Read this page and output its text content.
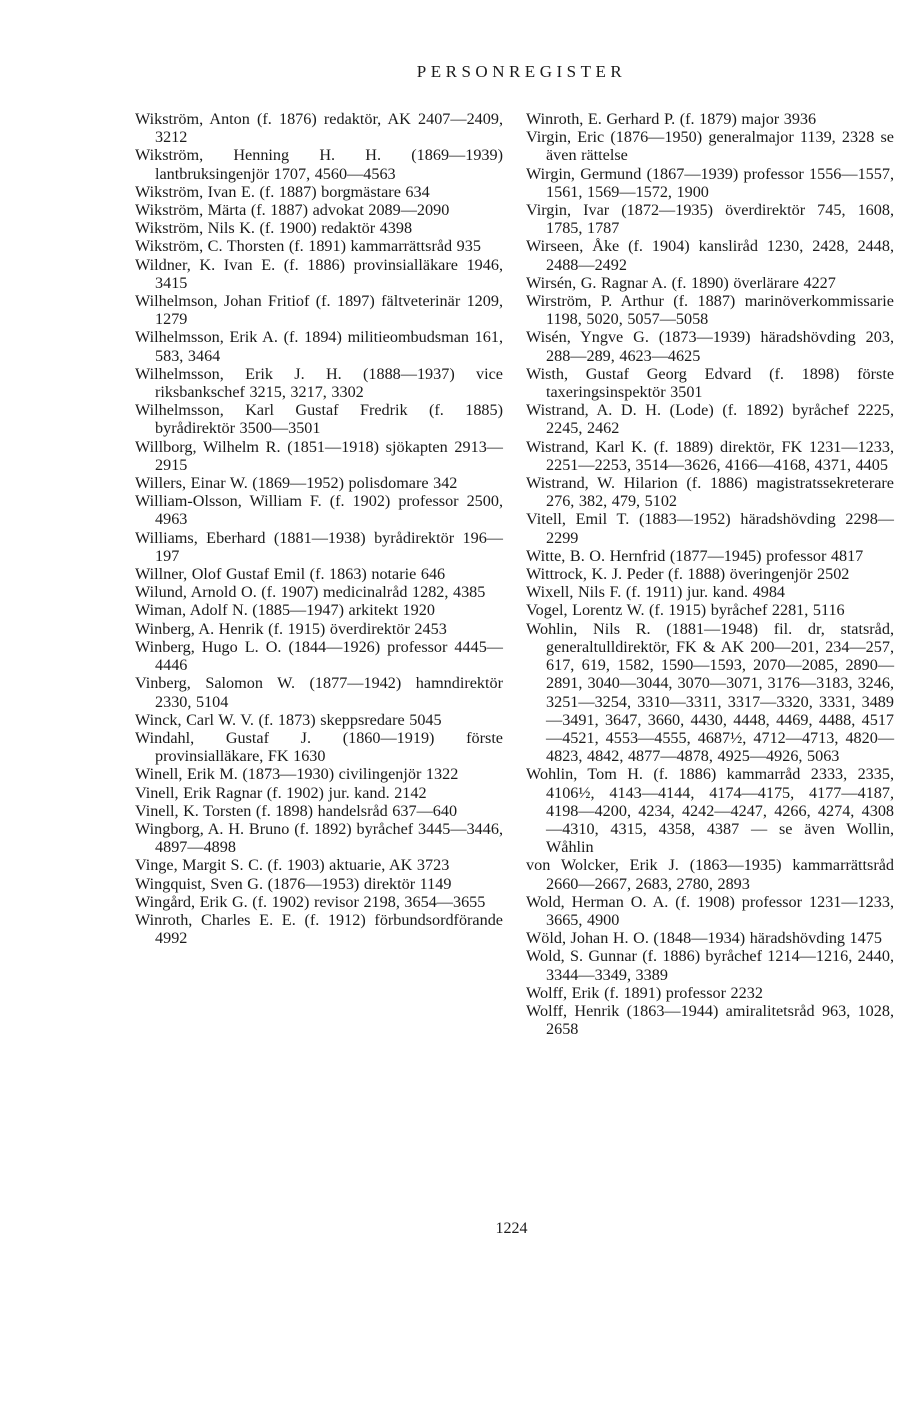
PERSONREGISTER

Wikström, Anton (f. 1876) redaktör, AK 2407—2409, 3212

Wikström, Henning H. H. (1869—1939) lantbruksingenjör 1707, 4560—4563

Wikström, Ivan E. (f. 1887) borgmästare 634

Wikström, Märta (f. 1887) advokat 2089—2090

Wikström, Nils K. (f. 1900) redaktör 4398

Wikström, C. Thorsten (f. 1891) kammarrättsråd 935

Wildner, K. Ivan E. (f. 1886) provinsialläkare 1946, 3415

Wilhelmson, Johan Fritiof (f. 1897) fältveterinär 1209, 1279

Wilhelmsson, Erik A. (f. 1894) militieombudsman 161, 583, 3464

Wilhelmsson, Erik J. H. (1888—1937) vice riksbankschef 3215, 3217, 3302

Wilhelmsson, Karl Gustaf Fredrik (f. 1885) byrådirektör 3500—3501

Willborg, Wilhelm R. (1851—1918) sjökapten 2913—2915

Willers, Einar W. (1869—1952) polisdomare 342

William-Olsson, William F. (f. 1902) professor 2500, 4963

Williams, Eberhard (1881—1938) byrådirektör 196—197

Willner, Olof Gustaf Emil (f. 1863) notarie 646

Wilund, Arnold O. (f. 1907) medicinalråd 1282, 4385

Wiman, Adolf N. (1885—1947) arkitekt 1920

Winberg, A. Henrik (f. 1915) överdirektör 2453

Winberg, Hugo L. O. (1844—1926) professor 4445—4446

Vinberg, Salomon W. (1877—1942) hamndirektör 2330, 5104

Winck, Carl W. V. (f. 1873) skeppsredare 5045

Windahl, Gustaf J. (1860—1919) förste provinsialläkare, FK 1630

Winell, Erik M. (1873—1930) civilingenjör 1322

Vinell, Erik Ragnar (f. 1902) jur. kand. 2142

Vinell, K. Torsten (f. 1898) handelsråd 637—640

Wingborg, A. H. Bruno (f. 1892) byråchef 3445—3446, 4897—4898

Vinge, Margit S. C. (f. 1903) aktuarie, AK 3723

Wingquist, Sven G. (1876—1953) direktör 1149

Wingård, Erik G. (f. 1902) revisor 2198, 3654—3655

Winroth, Charles E. E. (f. 1912) förbundsordförande 4992

Winroth, E. Gerhard P. (f. 1879) major 3936

Virgin, Eric (1876—1950) generalmajor 1139, 2328 se även rättelse

Wirgin, Germund (1867—1939) professor 1556—1557, 1561, 1569—1572, 1900

Virgin, Ivar (1872—1935) överdirektör 745, 1608, 1785, 1787

Wirseen, Åke (f. 1904) kansliråd 1230, 2428, 2448, 2488—2492

Wirsén, G. Ragnar A. (f. 1890) överlärare 4227

Wirström, P. Arthur (f. 1887) marinöverkommissarie 1198, 5020, 5057—5058

Wisén, Yngve G. (1873—1939) häradshövding 203, 288—289, 4623—4625

Wisth, Gustaf Georg Edvard (f. 1898) förste taxeringsinspektör 3501

Wistrand, A. D. H. (Lode) (f. 1892) byråchef 2225, 2245, 2462

Wistrand, Karl K. (f. 1889) direktör, FK 1231—1233, 2251—2253, 3514—3626, 4166—4168, 4371, 4405

Wistrand, W. Hilarion (f. 1886) magistratssekreterare 276, 382, 479, 5102

Vitell, Emil T. (1883—1952) häradshövding 2298—2299

Witte, B. O. Hernfrid (1877—1945) professor 4817

Wittrock, K. J. Peder (f. 1888) överingenjör 2502

Wixell, Nils F. (f. 1911) jur. kand. 4984

Vogel, Lorentz W. (f. 1915) byråchef 2281, 5116

Wohlin, Nils R. (1881—1948) fil. dr, statsråd, generaltulldirektör, FK & AK 200—201, 234—257, 617, 619, 1582, 1590—1593, 2070—2085, 2890—2891, 3040—3044, 3070—3071, 3176—3183, 3246, 3251—3254, 3310—3311, 3317—3320, 3331, 3489—3491, 3647, 3660, 4430, 4448, 4469, 4488, 4517—4521, 4553—4555, 4687½, 4712—4713, 4820—4823, 4842, 4877—4878, 4925—4926, 5063

Wohlin, Tom H. (f. 1886) kammarråd 2333, 2335, 4106½, 4143—4144, 4174—4175, 4177—4187, 4198—4200, 4234, 4242—4247, 4266, 4274, 4308—4310, 4315, 4358, 4387 — se även Wollin, Wåhlin

von Wolcker, Erik J. (1863—1935) kammarrättsråd 2660—2667, 2683, 2780, 2893

Wold, Herman O. A. (f. 1908) professor 1231—1233, 3665, 4900

Wöld, Johan H. O. (1848—1934) häradshövding 1475

Wold, S. Gunnar (f. 1886) byråchef 1214—1216, 2440, 3344—3349, 3389

Wolff, Erik (f. 1891) professor 2232

Wolff, Henrik (1863—1944) amiralitetsråd 963, 1028, 2658

1224
